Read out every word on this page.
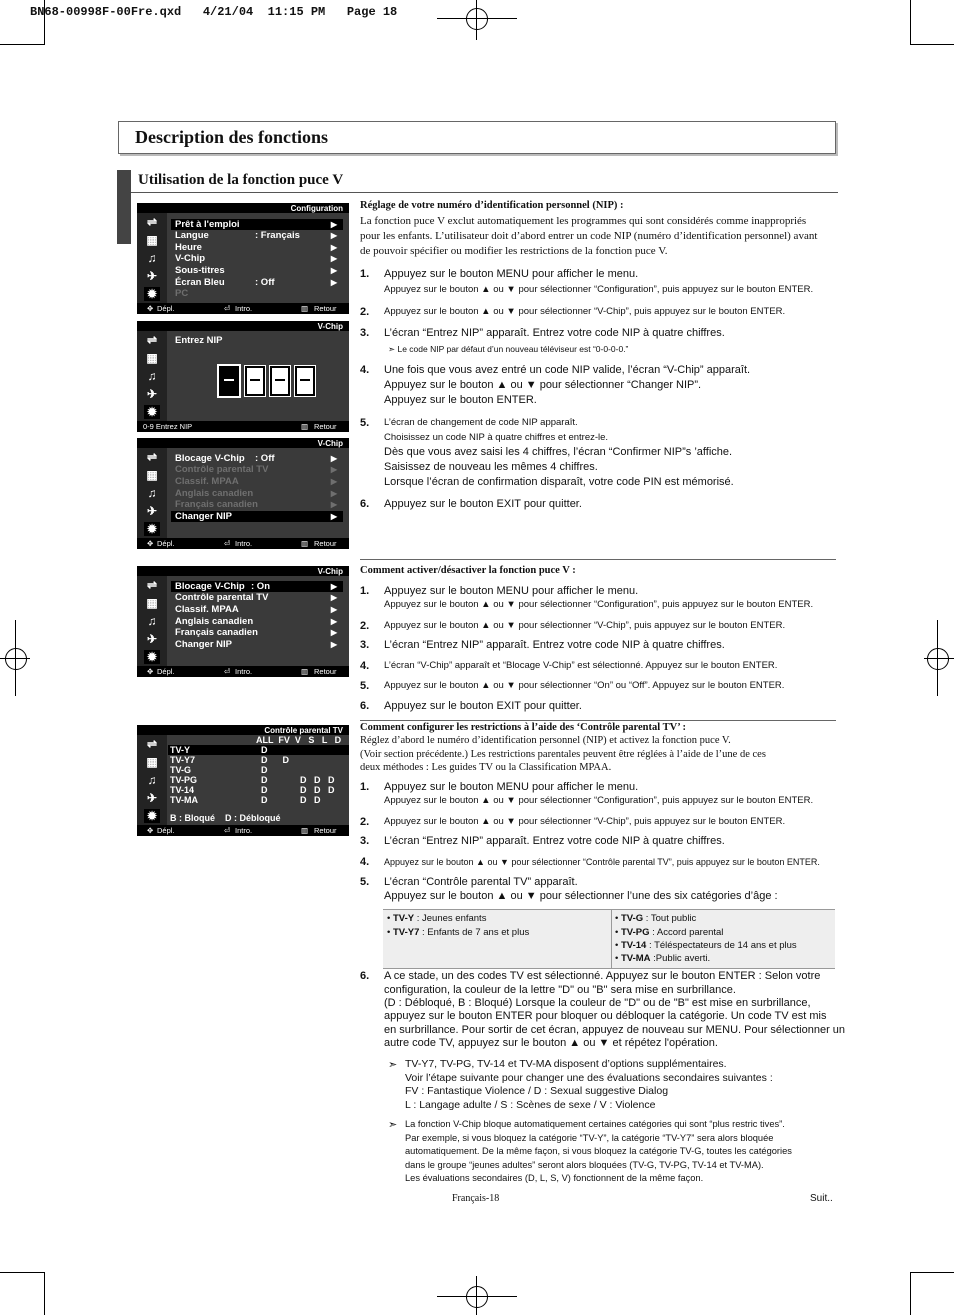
BN68-00998F-00Fre.qxd   4/21/04  11:15 PM   Page 18
Description des fonctions
Utilisation de la fonction puce V
Configuration
⇌
▦
♫
✈
✹
Prêt à l'emploi	▶
Langue	: Français	▶
Heure	▶
V-Chip	▶
Sous-titres	▶
Écran Bleu	: Off	▶
PC
✥ Dépl.	⏎ Intro.	▥ Retour
V-Chip
⇌
▦
♫
✈
✹
Entrez NIP
0-9 Entrez NIP	▥ Retour
V-Chip
⇌
▦
♫
✈
✹
Blocage V-Chip : Off	▶
Contrôle parental TV	▶
Classif. MPAA	▶
Anglais canadien	▶
Français canadien	▶
Changer NIP	▶
✥ Dépl.	⏎ Intro.	▥ Retour
V-Chip
⇌
▦
♫
✈
✹
Blocage V-Chip : On	▶
Contrôle parental TV	▶
Classif. MPAA	▶
Anglais canadien	▶
Français canadien	▶
Changer NIP	▶
✥ Dépl.	⏎ Intro.	▥ Retour
Contrôle parental TV
⇌
▦
♫
✈
✹
ALL  FV  V   S   L   D
TV-Y	D
TV-Y7	D      D
TV-G	D
TV-PG	D             D   D   D
TV-14	D             D   D   D
TV-MA	D             D   D
B : Bloqué    D : Débloqué
✥ Dépl.	⏎ Intro.	▥ Retour
Réglage de votre numéro d’identification personnel (NIP) :
La fonction puce V exclut automatiquement les programmes qui sont considérés comme inappropriés
pour les enfants. L’utilisateur doit d’abord entrer un code NIP (numéro d’identification personnel) avant
de pouvoir spécifier ou modifier les restrictions de la fonction puce V.
1. Appuyez sur le bouton MENU pour afficher le menu.
Appuyez sur le bouton ▲ ou ▼ pour sélectionner “Configuration”, puis appuyez sur le bouton ENTER.
2. Appuyez sur le bouton ▲ ou ▼ pour sélectionner “V-Chip”, puis appuyez sur le bouton ENTER.
3. L’écran “Entrez NIP” apparaît. Entrez votre code NIP à quatre chiffres.
➣ Le code NIP par défaut d’un nouveau téléviseur est “0-0-0-0.”
4. Une fois que vous avez entré un code NIP valide, l’écran “V-Chip” apparaît.
Appuyez sur le bouton ▲ ou ▼ pour sélectionner “Changer NIP”.
Appuyez sur le bouton ENTER.
5. L’écran de changement de code NIP apparaît.
Choisissez un code NIP à quatre chiffres et entrez-le.
Dès que vous avez saisi les 4 chiffres, l’écran “Confirmer NIP”s ’affiche.
Saisissez de nouveau les mêmes 4 chiffres.
Lorsque l’écran de confirmation disparaît, votre code PIN est mémorisé.
6. Appuyez sur le bouton EXIT pour quitter.
Comment activer/désactiver la fonction puce V :
1. Appuyez sur le bouton MENU pour afficher le menu.
Appuyez sur le bouton ▲ ou ▼ pour sélectionner “Configuration”, puis appuyez sur le bouton ENTER.
2. Appuyez sur le bouton ▲ ou ▼ pour sélectionner “V-Chip”, puis appuyez sur le bouton ENTER.
3. L’écran “Entrez NIP” apparaît. Entrez votre code NIP à quatre chiffres.
4. L’écran “V-Chip” apparaît et “Blocage V-Chip” est sélectionné. Appuyez sur le bouton ENTER.
5. Appuyez sur le bouton ▲ ou ▼ pour sélectionner “On” ou “Off”. Appuyez sur le bouton ENTER.
6. Appuyez sur le bouton EXIT pour quitter.
Comment configurer les restrictions à l’aide des ‘Contrôle parental TV’ :
Réglez d’abord le numéro d’identification personnel (NIP) et activez la fonction puce V.
(Voir section précédente.) Les restrictions parentales peuvent être réglées à l’aide de l’une de ces
deux méthodes : Les guides TV ou la Classification MPAA.
1. Appuyez sur le bouton MENU pour afficher le menu.
Appuyez sur le bouton ▲ ou ▼ pour sélectionner “Configuration”, puis appuyez sur le bouton ENTER.
2. Appuyez sur le bouton ▲ ou ▼ pour sélectionner “V-Chip”, puis appuyez sur le bouton ENTER.
3. L’écran “Entrez NIP” apparaît. Entrez votre code NIP à quatre chiffres.
4. Appuyez sur le bouton ▲ ou ▼ pour sélectionner “Contrôle parental TV”, puis appuyez sur le bouton ENTER.
5. L’écran “Contrôle parental TV” apparaît.
Appuyez sur le bouton ▲ ou ▼ pour sélectionner l’une des six catégories d’âge :
• TV-Y : Jeunes enfants
• TV-Y7 : Enfants de 7 ans et plus
• TV-G : Tout public
• TV-PG : Accord parental
• TV-14 : Téléspectateurs de 14 ans et plus
• TV-MA :Public averti.
6. A ce stade, un des codes TV est sélectionné. Appuyez sur le bouton ENTER : Selon votre
configuration, la couleur de la lettre "D" ou "B" sera mise en surbrillance.
(D : Débloqué, B : Bloqué) Lorsque la couleur de "D" ou de "B" est mise en surbrillance,
appuyez sur le bouton ENTER pour bloquer ou débloquer la catégorie. Un code TV est mis
en surbrillance. Pour sortir de cet écran, appuyez de nouveau sur MENU. Pour sélectionner un
autre code TV, appuyez sur le bouton ▲ ou ▼ et répétez l'opération.
➣ TV-Y7, TV-PG, TV-14 et TV-MA disposent d’options supplémentaires.
Voir l’étape suivante pour changer une des évaluations secondaires suivantes :
FV : Fantastique Violence / D : Sexual suggestive Dialog
L : Langage adulte / S : Scènes de sexe / V : Violence
➣ La fonction V-Chip bloque automatiquement certaines catégories qui sont “plus restric tives”.
Par exemple, si vous bloquez la catégorie “TV-Y”, la catégorie “TV-Y7” sera alors bloquée
automatiquement. De la même façon, si vous bloquez la catégorie TV-G, toutes les catégories
dans le groupe “jeunes adultes” seront alors bloquées (TV-G, TV-PG, TV-14 et TV-MA).
Les évaluations secondaires (D, L, S, V) fonctionnent de la même façon.
Français-18	Suit..
